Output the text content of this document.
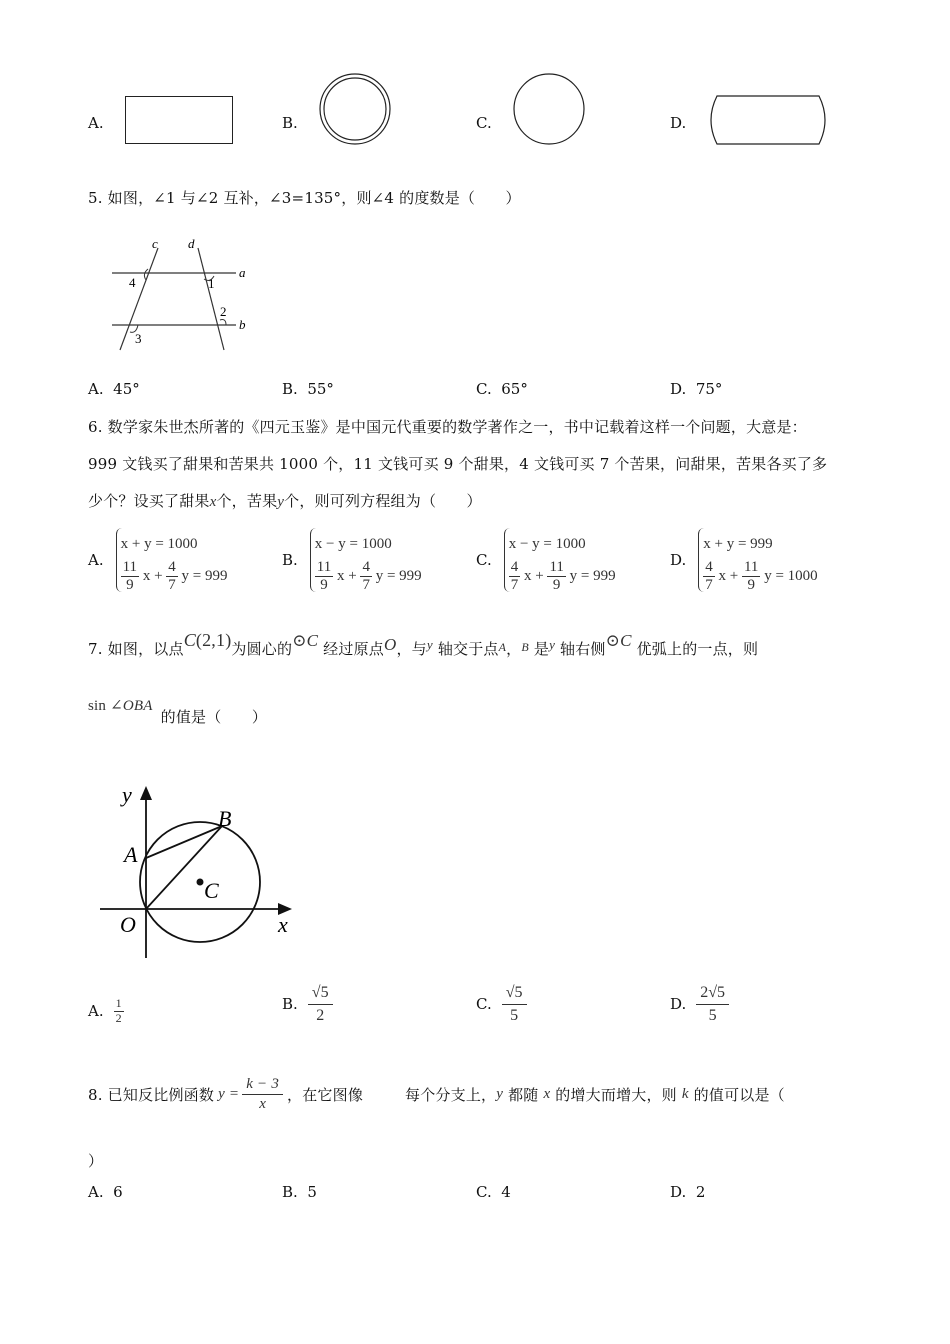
A.	B.	C.	D.
5. 如图，∠1 与∠2 互补，∠3=135°，则∠4 的度数是（　　）
c d
a
b
4	1
2
3
A. 45°	B. 55°	C. 65°	D. 75°
6. 数学家朱世杰所著的《四元玉鉴》是中国元代重要的数学著作之一，书中记载着这样一个问题，大意是：
999 文钱买了甜果和苦果共 1000 个，11 文钱可买 9 个甜果，4 文钱可买 7 个苦果，问甜果，苦果各买了多
少个？设买了甜果x个，苦果y个，则可列方程组为（　　）
A.
x + y = 1000
$\frac{11}{9}$
x +
$\frac{4}{7}$
y = 999
B.
x − y = 1000
$\frac{11}{9}$
x +
$\frac{4}{7}$
y = 999
C.
x − y = 1000
$\frac{4}{7}$
x +
$\frac{11}{9}$
y = 999
D.
x + y = 999
$\frac{4}{7}$
x +
$\frac{11}{9}$
y = 1000
7. 如图，以点 C (2,1) 为圆心的 ⊙C
经过原点 O ，与 y
轴交于点 A ， B
是 y
轴右侧 ⊙C
优弧上的一点，则
sin ∠OBA
的值是（　　）
y
x
O
A
B
C
A. $\frac{1}{2}$	B. $\frac{√5}{2}$	C. $\frac{√5}{5}$	D. $\frac{2√5}{5}$
8. 已知反比例函数 $y = \frac{k - 3}{x}$ ，在它图像	每个分支上， y
都随
x
的增大而增大，则
k
的值可以是（
）
A. 6	B. 5	C. 4	D. 2
